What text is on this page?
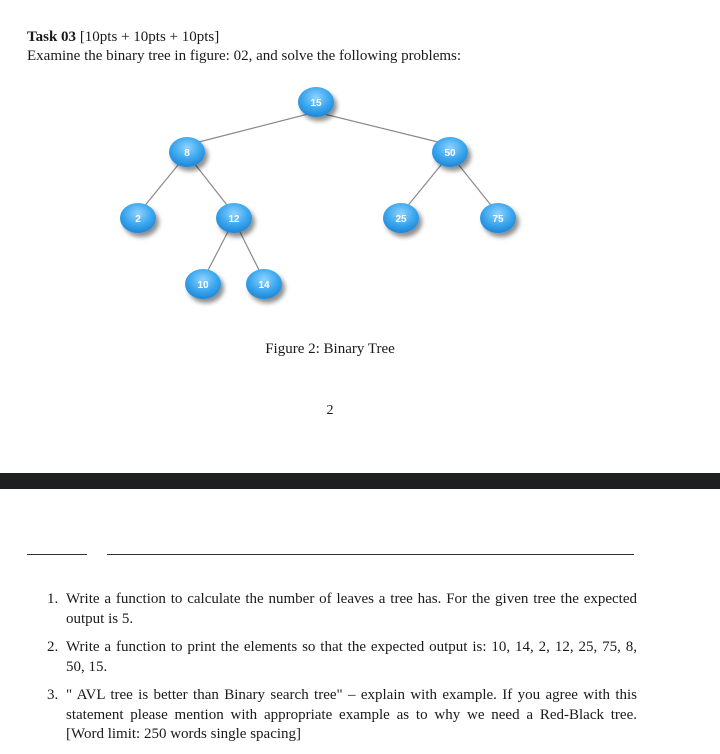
Task 03 [10pts + 10pts + 10pts]
Examine the binary tree in figure: 02, and solve the following problems:
15
8	50
2	12	25	75
10	14
Figure 2: Binary Tree
2
1. Write a function to calculate the number of leaves a tree has. For the given tree the expected output is 5.
2. Write a function to print the elements so that the expected output is: 10, 14, 2, 12, 25, 75, 8, 50, 15.
3. " AVL tree is better than Binary search tree" – explain with example. If you agree with this statement please mention with appropriate example as to why we need a Red-Black tree. [Word limit: 250 words single spacing]
